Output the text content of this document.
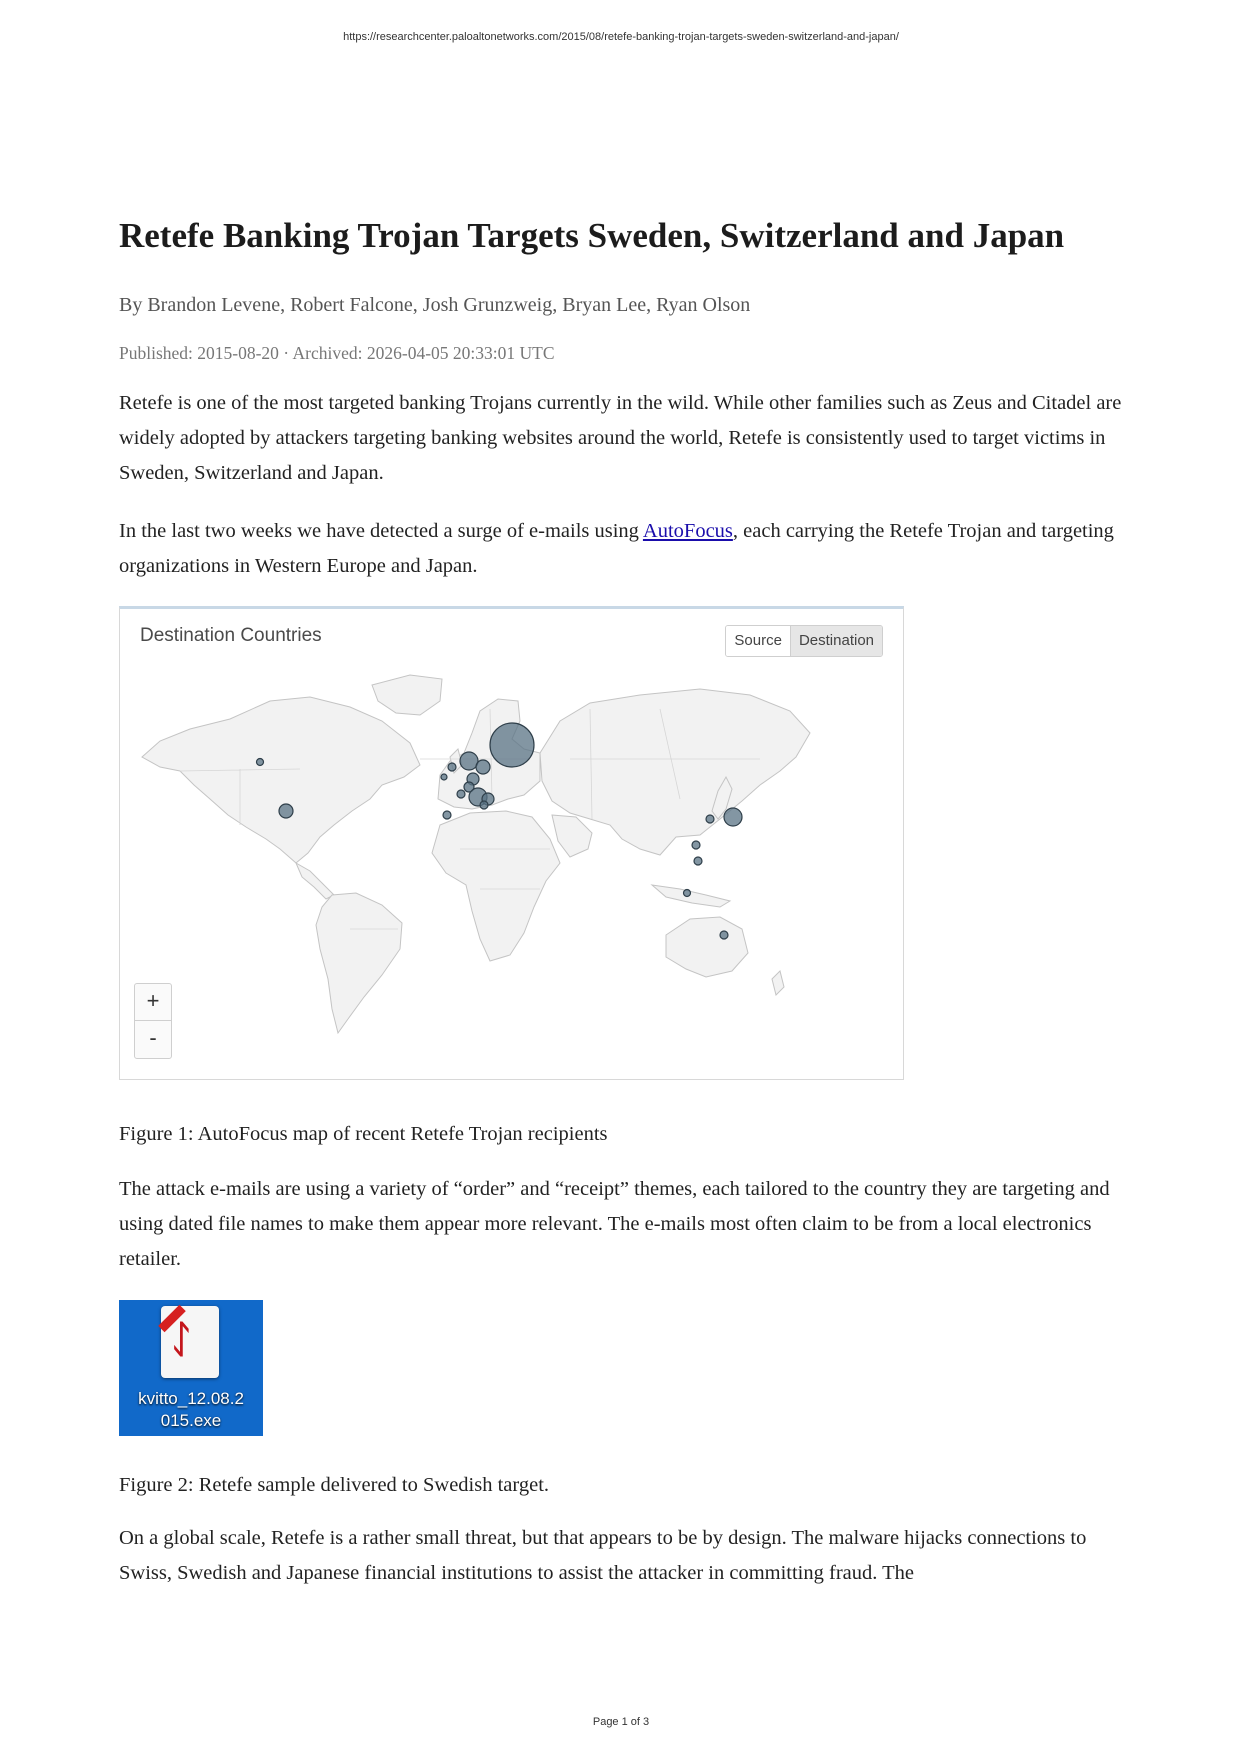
https://researchcenter.paloaltonetworks.com/2015/08/retefe-banking-trojan-targets-sweden-switzerland-and-japan/
Retefe Banking Trojan Targets Sweden, Switzerland and Japan
By Brandon Levene, Robert Falcone, Josh Grunzweig, Bryan Lee, Ryan Olson
Published: 2015-08-20 · Archived: 2026-04-05 20:33:01 UTC

Retefe is one of the most targeted banking Trojans currently in the wild. While other families such as Zeus and Citadel are widely adopted by attackers targeting banking websites around the world, Retefe is consistently used to target victims in Sweden, Switzerland and Japan.

In the last two weeks we have detected a surge of e-mails using AutoFocus, each carrying the Retefe Trojan and targeting organizations in Western Europe and Japan.

Destination Countries	Source	Destination
+
-
Figure 1: AutoFocus map of recent Retefe Trojan recipients

The attack e-mails are using a variety of “order” and “receipt” themes, each tailored to the country they are targeting and using dated file names to make them appear more relevant. The e-mails most often claim to be from a local electronics retailer.

ᛇ
kvitto_12.08.2
015.exe
Figure 2: Retefe sample delivered to Swedish target.

On a global scale, Retefe is a rather small threat, but that appears to be by design. The malware hijacks connections to Swiss, Swedish and Japanese financial institutions to assist the attacker in committing fraud. The

Page 1 of 3
